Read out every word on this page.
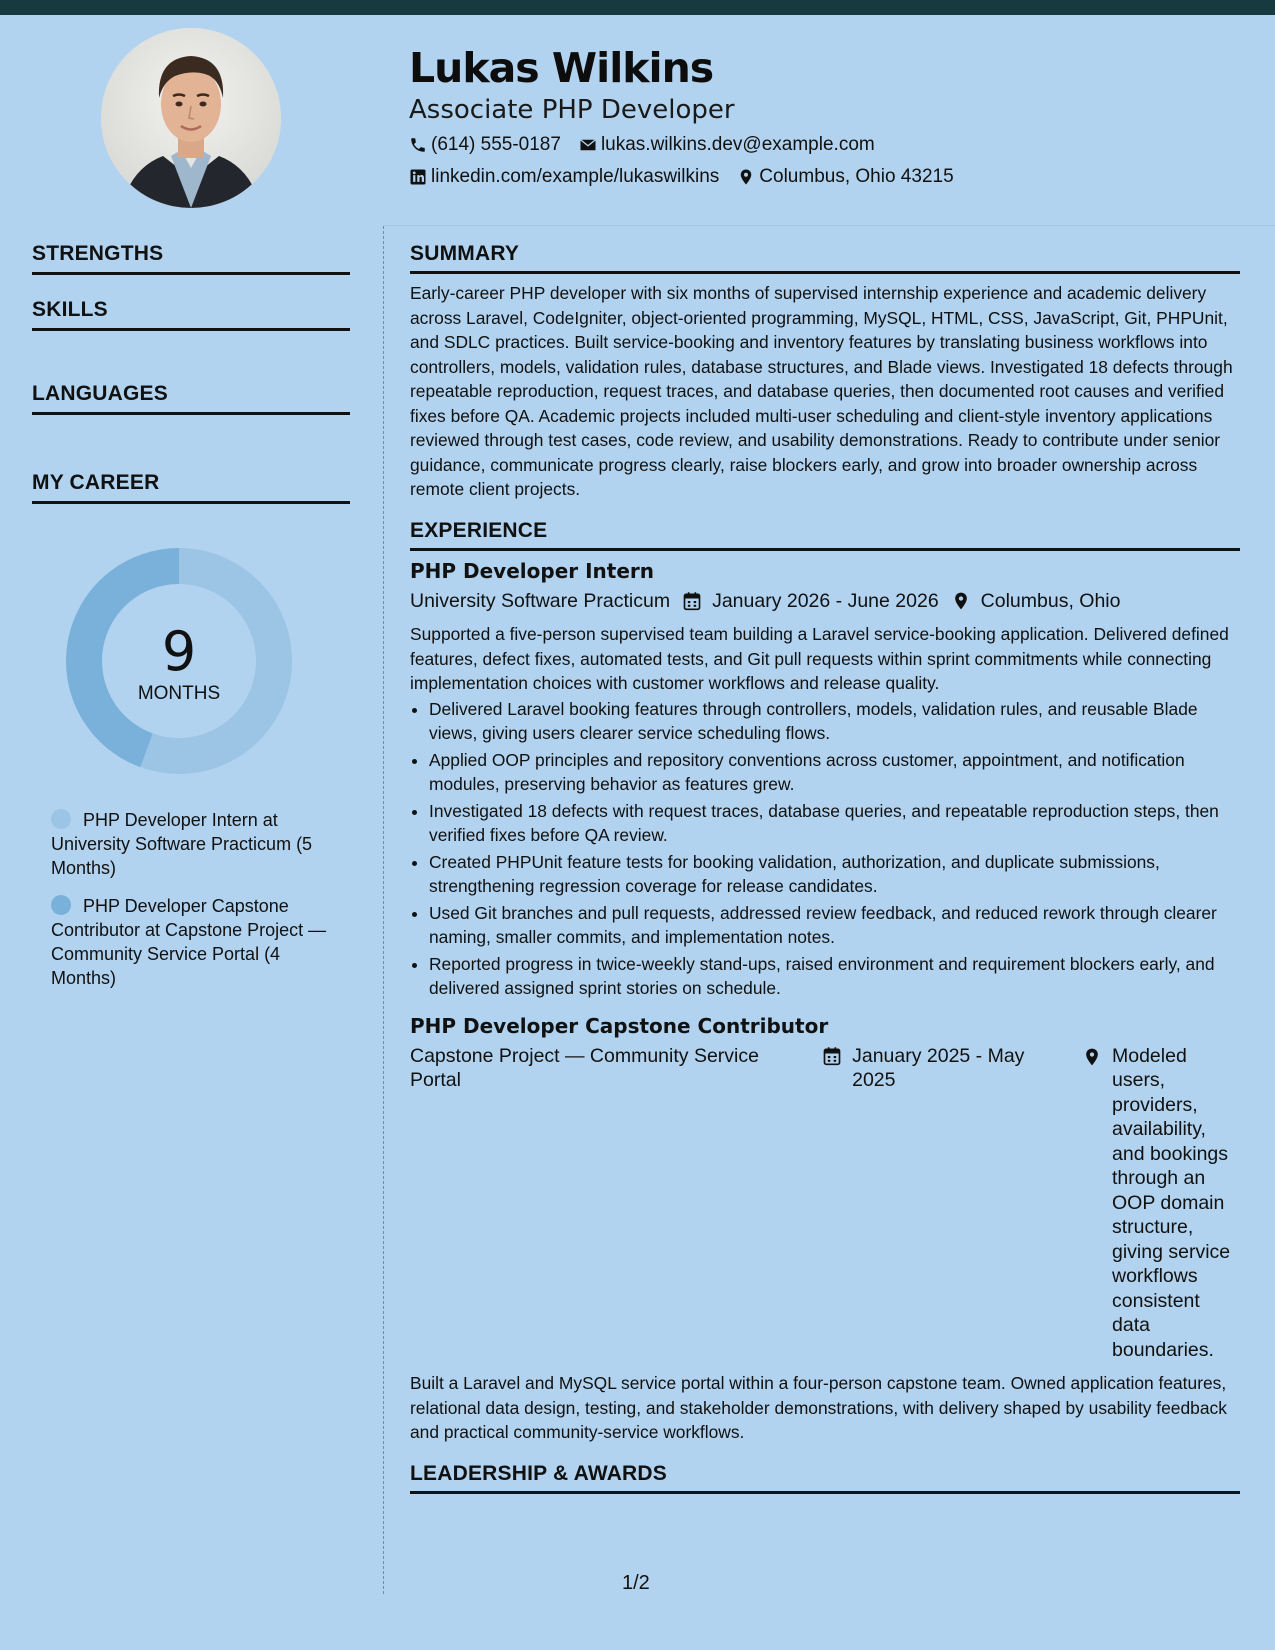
Lukas Wilkins
Associate PHP Developer
(614) 555-0187 lukas.wilkins.dev@example.com
linkedin.com/example/lukaswilkins Columbus, Ohio 43215
STRENGTHS
SKILLS
LANGUAGES
MY CAREER
9
MONTHS
PHP Developer Intern at University Software Practicum (5 Months)
PHP Developer Capstone Contributor at Capstone Project — Community Service Portal (4 Months)
SUMMARY

Early-career PHP developer with six months of supervised internship experience and academic delivery across Laravel, CodeIgniter, object-oriented programming, MySQL, HTML, CSS, JavaScript, Git, PHPUnit, and SDLC practices. Built service-booking and inventory features by translating business workflows into controllers, models, validation rules, database structures, and Blade views. Investigated 18 defects through repeatable reproduction, request traces, and database queries, then documented root causes and verified fixes before QA. Academic projects included multi-user scheduling and client-style inventory applications reviewed through test cases, code review, and usability demonstrations. Ready to contribute under senior guidance, communicate progress clearly, raise blockers early, and grow into broader ownership across remote client projects.

EXPERIENCE
PHP Developer Intern
University Software Practicum January 2026 - June 2026 Columbus, Ohio

Supported a five-person supervised team building a Laravel service-booking application. Delivered defined features, defect fixes, automated tests, and Git pull requests within sprint commitments while connecting implementation choices with customer workflows and release quality.

• Delivered Laravel booking features through controllers, models, validation rules, and reusable Blade views, giving users clearer service scheduling flows.
• Applied OOP principles and repository conventions across customer, appointment, and notification modules, preserving behavior as features grew.
• Investigated 18 defects with request traces, database queries, and repeatable reproduction steps, then verified fixes before QA review.
• Created PHPUnit feature tests for booking validation, authorization, and duplicate submissions, strengthening regression coverage for release candidates.
• Used Git branches and pull requests, addressed review feedback, and reduced rework through clearer naming, smaller commits, and implementation notes.
• Reported progress in twice-weekly stand-ups, raised environment and requirement blockers early, and delivered assigned sprint stories on schedule.
PHP Developer Capstone Contributor
Capstone Project — Community Service Portal
January 2025 - May 2025
Modeled users, providers, availability, and bookings through an OOP domain structure, giving service workflows consistent data boundaries.

Built a Laravel and MySQL service portal within a four-person capstone team. Owned application features, relational data design, testing, and stakeholder demonstrations, with delivery shaped by usability feedback and practical community-service workflows.

LEADERSHIP & AWARDS
1/2
